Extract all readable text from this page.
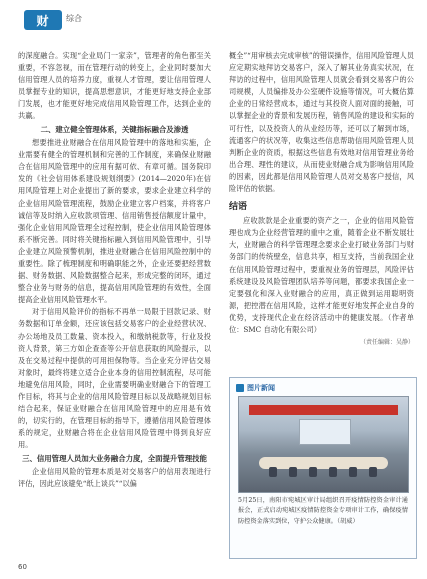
财	综合

的深度融合。实现“企业局门一家亲”，管理者的角色都至关重要，不容忽视，而在管理行动的转变上，企业同时要加大信用管理人员的培养力度，重视人才管理，要让信用管理人员掌握专业的知识，提高思想意识，才能更好地支持企业部门发展，也才能更好地完成信用风险管理工作，达到企业的共赢。

二、建立健全管理体系，关键指标融合及渗透

想要推进业财融合在信用风险管理中的落地和实施，企业需要有健全的管理机制和完善的工作制度，来确保业财融合在信用风险管理中的应用有据可依、有章可循。国务院印发的《社会信用体系建设规划纲要》(2014—2020年)在信用风险管理上对企业提出了新的要求，要求企业建立科学的企业信用风险管理流程，鼓励企业建立客户档案，并将客户诚信等及时纳入应收款项管理、信用销售授信额度计量中，强化企业信用风险管理全过程控制，使企业信用风险管理体系不断完善。同时将关键指标融入到信用风险管理中，引导企业建立风险预警机制，推进业财融合在信用风险控制中的重要性。除了梳理制度和明确职能之外，企业还要把经营数据、财务数据、风险数据整合起来，形成完整的闭环，通过整合业务与财务的信息，提高信用风险管理的有效性，全面提高企业信用风险管理水平。

对于信用风险评价的指标不再单一局限于回款记录、财务数据和订单金额，还应该包括交易客户的企业经营状况、办公场地及员工数量、资本投入，和缴纳税款等，行业及投资人背景，第三方如企查查等公开信息获取的风险提示，以及在交易过程中提供的可用担保物等。当企业充分评估交易对象时，最终将建立适合企业本身的信用控制流程，尽可能地避免信用风险，同时，企业需要明确业财融合下的管理工作目标，将其与企业的信用风险管理目标以及战略规划目标结合起来，保证业财融合在信用风险管理中的应用是有效的，切实行的，在管理目标的指导下，遵循信用风险管理体系的规定，业财融合将在企业信用风险管理中得到良好应用。

三、信用管理人员加大业务融合力度，全面提升管理技能

企业信用风险的管理本质是对交易客户的信用表现进行评估，因此应该避免“纸上谈兵”“以偏

概全”“用审核去完成审核”的错误操作，信用风险管理人员应定期实地拜访交易客户，深入了解其业务真实状况，在拜访的过程中，信用风险管理人员就会看到交易客户的公司规模，人员编排及办公室硬件设施等情况，可大概估算企业的日常经营成本，通过与其投资人面对面的接触，可以掌握企业的背景和发展历程，销售风险的建设和实际的可行性，以及投资人的从业经历等，还可以了解到市场，流通客户的状况等，收集这些信息帮助信用风险管理人员判断企业的资质，根据这些信息有效地对信用管理业务给出合理、理性的建议，从而使业财融合成为影响信用风险的因素，因此都是信用风险管理人员对交易客户授信，风险评估的依据。

结语

应收款款是企业重要的资产之一，企业的信用风险管理也成为企业经营管理的重中之重，随着企业不断发展壮大，业财融合的科学管理理念要求企业打破业务部门与财务部门的传统壁垒，信息共享，相互支持，当前我国企业在信用风险管理过程中，要重视业务的管理层，风险评估系统建设及风险管理团队培养等问题，都要求我国企业一定要强化和深入业财融合的应用，真正做到运用聪明资源，把控潜在信用风险，这样才能更好地发挥企业自身的优势，支持现代企业在经济活动中的健康发展。（作者单位：SMC 自动化有限公司）

（责任编辑：吴静）
图片新闻
5月25日，南阳市宛城区审计局组织召开疫情防控资金审计通报会，正式启动宛城区疫情防控资金专项审计工作，确保疫情防控资金落实到位，守护公众健康。（胡威）
60
